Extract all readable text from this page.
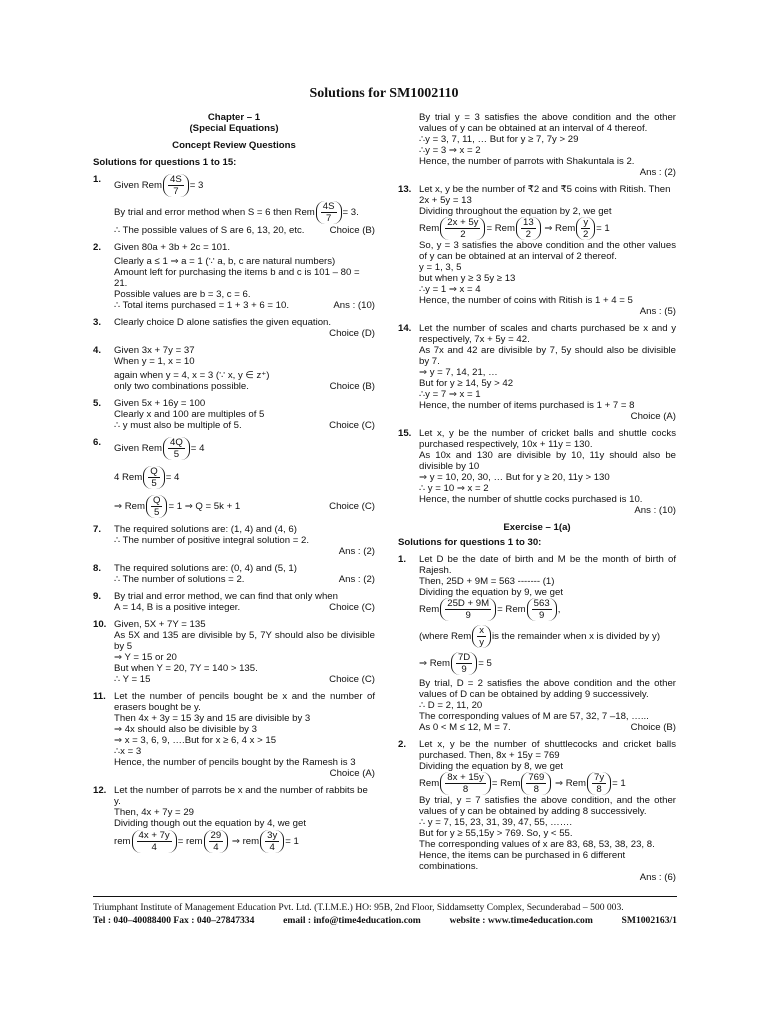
Solutions for SM1002110
Chapter – 1
(Special Equations)
Concept Review Questions
Solutions for questions 1 to 15:
1.
Given Rem $\frac{4S}{7} = 3$
By trial and error method when S = 6 then Rem $\frac{4S}{7} = 3$.
∴ The possible values of S are 6, 13, 20, etc.	Choice (B)
2.	Given 80a + 3b + 2c = 101.
Clearly a ≤ 1 ⇒ a = 1 (∵ a, b, c are natural numbers)
Amount left for purchasing the items b and c is 101 – 80 = 21.
Possible values are b = 3, c = 6.
∴ Total items purchased = 1 + 3 + 6 = 10.	Ans : (10)
3.	Clearly choice D alone satisfies the given equation.
Choice (D)
4.	Given 3x + 7y = 37
When y = 1, x = 10
again when y = 4, x = 3 (∵ x, y ∈ z⁺)
only two combinations possible.	Choice (B)
5.	Given 5x + 16y = 100
Clearly x and 100 are multiples of 5
∴ y must also be multiple of 5.	Choice (C)
6.
Given Rem $\frac{4Q}{5} = 4$
4 Rem $\frac{Q}{5} = 4$
⇒ Rem $\frac{Q}{5} = 1$ ⇒ Q = 5k + 1	Choice (C)
7.	The required solutions are: (1, 4) and (4, 6)
∴ The number of positive integral solution = 2.
Ans : (2)
8.	The required solutions are: (0, 4) and (5, 1)
∴ The number of solutions = 2.	Ans : (2)
9.	By trial and error method, we can find that only when
A = 14, B is a positive integer.	Choice (C)
10. Given, 5X + 7Y = 135
As 5X and 135 are divisible by 5, 7Y should also be divisible by 5
⇒ Y = 15 or 20
But when Y = 20, 7Y = 140 > 135.
∴ Y = 15	Choice (C)
11. Let the number of pencils bought be x and the number of erasers bought be y.
Then 4x + 3y = 15 3y and 15 are divisible by 3
⇒ 4x should also be divisible by 3
⇒ x = 3, 6, 9, ….But for x ≥ 6, 4 x > 15
∴x = 3
Hence, the number of pencils bought by the Ramesh is 3
Choice (A)
12. Let the number of parrots be x and the number of rabbits be y.
Then, 4x + 7y = 29
Dividing though out the equation by 4, we get
rem $\frac{4x + 7y}{4}$ = rem $\frac{29}{4}$
⇒ rem $\frac{3y}{4} = 1$
By trial y = 3 satisfies the above condition and the other values of y can be obtained at an interval of 4 thereof.
∴y = 3, 7, 11, … But for y ≥ 7, 7y > 29
∴y = 3 ⇒ x = 2
Hence, the number of parrots with Shakuntala is 2.
Ans : (2)
13. Let x, y be the number of ₹2 and ₹5 coins with Ritish. Then
2x + 5y = 13
Dividing throughout the equation by 2, we get
Rem $\frac{2x + 5y}{2}$ = Rem $\frac{13}{2}$
⇒ Rem $\frac{y}{2} = 1$
So, y = 3 satisfies the above condition and the other values of y can be obtained at an interval of 2 thereof.
y = 1, 3, 5
but when y ≥ 3 5y ≥ 13
∴y = 1 ⇒ x = 4
Hence, the number of coins with Ritish is 1 + 4 = 5
Ans : (5)
14. Let the number of scales and charts purchased be x and y respectively, 7x + 5y = 42.
As 7x and 42 are divisible by 7, 5y should also be divisible by 7.
⇒ y = 7, 14, 21, …
But for y ≥ 14, 5y > 42
∴y = 7 ⇒ x = 1
Hence, the number of items purchased is 1 + 7 = 8
Choice (A)
15. Let x, y be the number of cricket balls and shuttle cocks purchased respectively, 10x + 11y = 130.
As 10x and 130 are divisible by 10, 11y should also be divisible by 10
⇒ y = 10, 20, 30, … But for y ≥ 20, 11y > 130
∴ y = 10 ⇒ x = 2
Hence, the number of shuttle cocks purchased is 10.
Ans : (10)
Exercise – 1(a)
Solutions for questions 1 to 30:
1.	Let D be the date of birth and M be the month of birth of Rajesh.
Then, 25D + 9M = 563 ------- (1)
Dividing the equation by 9, we get
Rem $\frac{25D + 9M}{9}$ = Rem $\frac{563}{9}$ ,
(where Rem $\frac{x}{y}$ is the remainder when x is divided by y)
⇒ Rem $\frac{7D}{9} = 5$
By trial, D = 2 satisfies the above condition and the other values of D can be obtained by adding 9 successively.
∴ D = 2, 11, 20
The corresponding values of M are 57, 32, 7 –18, …...
As 0 < M ≤ 12, M = 7.	Choice (B)
2.	Let x, y be the number of shuttlecocks and cricket balls purchased. Then, 8x + 15y = 769
Dividing the equation by 8, we get
Rem $\frac{8x + 15y}{8}$ = Rem $\frac{769}{8}$
⇒ Rem $\frac{7y}{8} = 1$
By trial, y = 7 satisfies the above condition, and the other values of y can be obtained by adding 8 successively.
∴ y = 7, 15, 23, 31, 39, 47, 55, …….
But for y ≥ 55,15y > 769. So, y < 55.
The corresponding values of x are 83, 68, 53, 38, 23, 8.
Hence, the items can be purchased in 6 different combinations.
Ans : (6)
Triumphant Institute of Management Education Pvt. Ltd. (T.I.M.E.) HO: 95B, 2nd Floor, Siddamsetty Complex, Secunderabad – 500 003.
Tel : 040–40088400 Fax : 040–27847334	email : info@time4education.com	website : www.time4education.com	SM1002163/1
